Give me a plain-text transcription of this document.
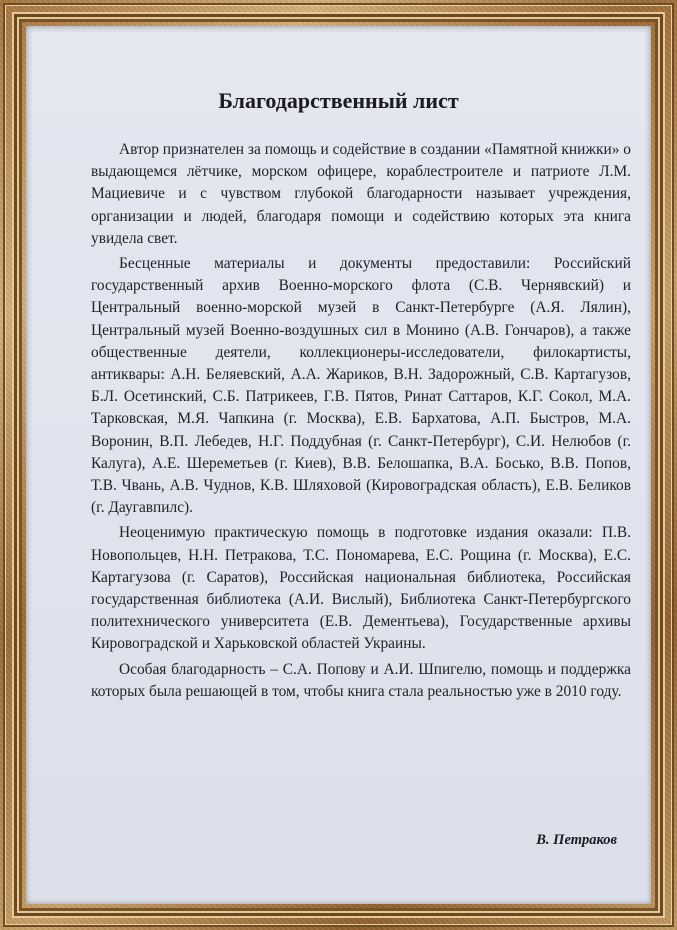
Благодарственный лист

Автор признателен за помощь и содействие в создании «Памятной книжки» о выдающемся лётчике, морском офицере, кораблестроителе и патриоте Л.М. Мациевиче и с чувством глубокой благодарности называет учреждения, организации и людей, благодаря помощи и содействию которых эта книга увидела свет.

Бесценные материалы и документы предоставили: Российский государственный архив Военно-морского флота (С.В. Чернявский) и Центральный военно-морской музей в Санкт-Петербурге (А.Я. Лялин), Центральный музей Военно-воздушных сил в Монино (А.В. Гончаров), а также общественные деятели, коллекционеры-исследователи, филокартисты, антиквары: А.Н. Беляевский, А.А. Жариков, В.Н. Задорожный, С.В. Картагузов, Б.Л. Осетинский, С.Б. Патрикеев, Г.В. Пятов, Ринат Саттаров, К.Г. Сокол, М.А. Тарковская, М.Я. Чапкина (г. Москва), Е.В. Бархатова, А.П. Быстров, М.А. Воронин, В.П. Лебедев, Н.Г. Поддубная (г. Санкт-Петербург), С.И. Нелюбов (г. Калуга), А.Е. Шереметьев (г. Киев), В.В. Белошапка, В.А. Босько, В.В. Попов, Т.В. Чвань, А.В. Чуднов, К.В. Шляховой (Кировоградская область), Е.В. Беликов (г. Даугавпилс).

Неоценимую практическую помощь в подготовке издания оказали: П.В. Новопольцев, Н.Н. Петракова, Т.С. Пономарева, Е.С. Рощина (г. Москва), Е.С. Картагузова (г. Саратов), Российская национальная библиотека, Российская государственная библиотека (А.И. Вислый), Библиотека Санкт-Петербургского политехнического университета (Е.В. Дементьева), Государственные архивы Кировоградской и Харьковской областей Украины.

Особая благодарность – С.А. Попову и А.И. Шпигелю, помощь и поддержка которых была решающей в том, чтобы книга стала реальностью уже в 2010 году.

В. Петраков
